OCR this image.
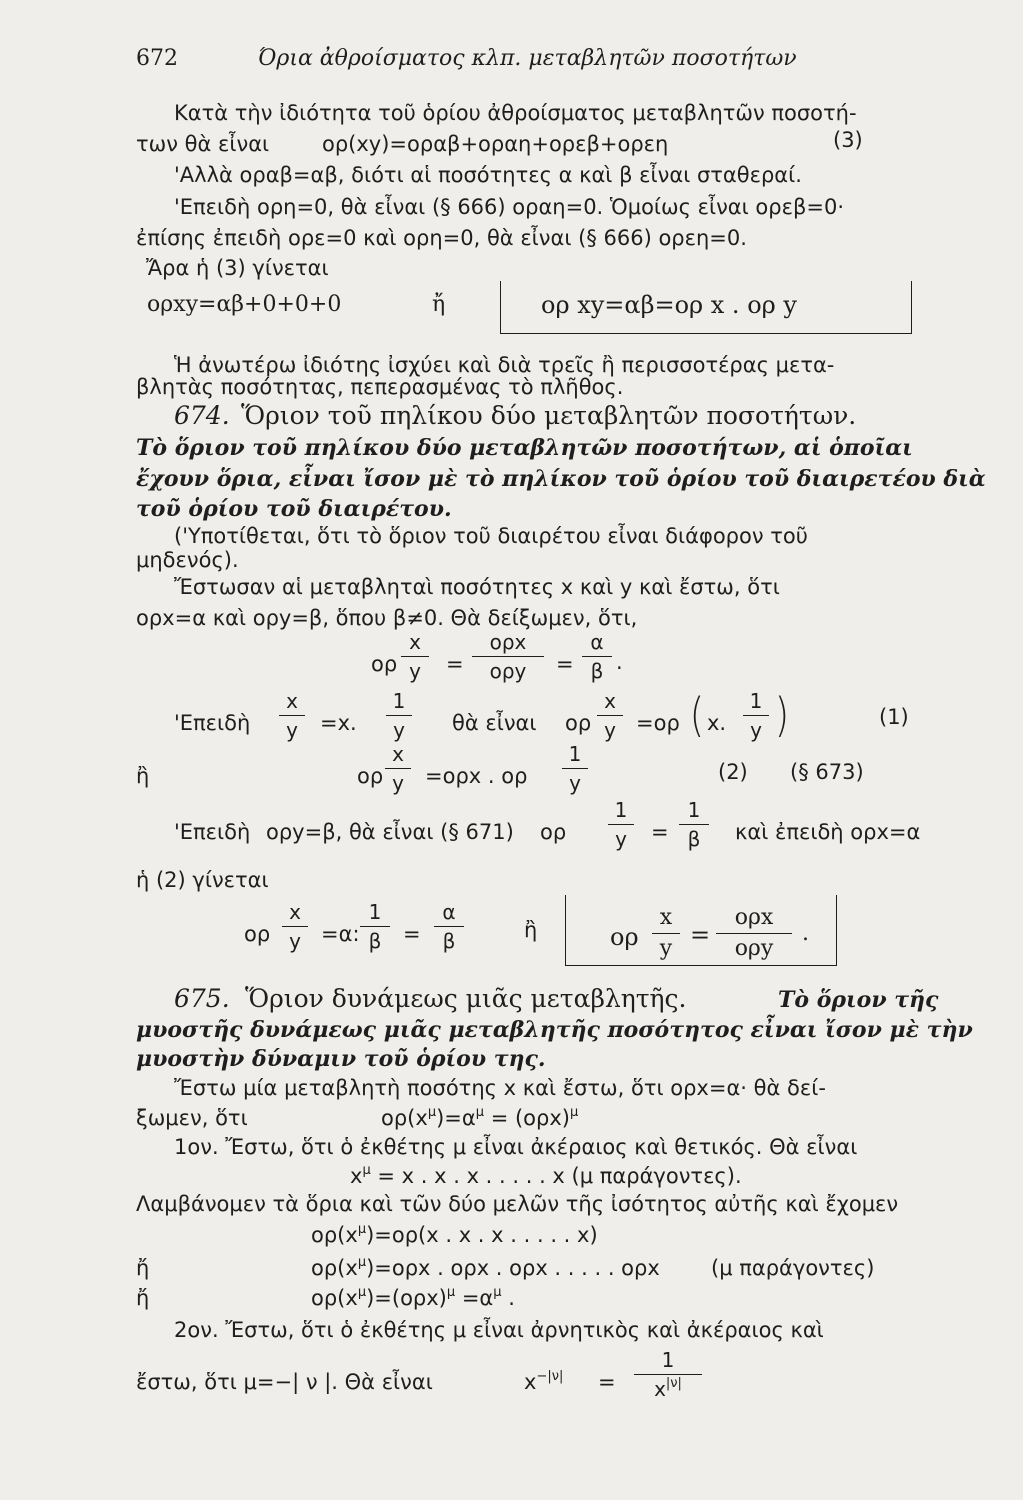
672	Όρια ἀθροίσματος κλπ. μεταβλητῶν ποσοτήτων
Κατὰ τὴν ἰδιότητα τοῦ ὁρίου ἀθροίσματος μεταβλητῶν ποσοτή-
των θὰ εἶναι	ορ(xy)=οραβ+οραη+ορεβ+ορεη	(3)
'Αλλὰ οραβ=αβ, διότι αἱ ποσότητες α καὶ β εἶναι σταθεραί.
'Επειδὴ ορη=0, θὰ εἶναι (§ 666) οραη=0. Ὁμοίως εἶναι ορεβ=0·
ἐπίσης ἐπειδὴ ορε=0 καὶ ορη=0, θὰ εἶναι (§ 666) ορεη=0.
Ἄρα ἡ (3) γίνεται
ορxy=αβ+0+0+0	ἤ	ορ xy=αβ=ορ x . ορ y
Ἡ ἀνωτέρω ἰδιότης ἰσχύει καὶ διὰ τρεῖς ἢ περισσοτέρας μετα-
βλητὰς ποσότητας, πεπερασμένας τὸ πλῆθος.
674. Ὅριον τοῦ πηλίκου δύο μεταβλητῶν ποσοτήτων.
Τὸ ὅριον τοῦ πηλίκου δύο μεταβλητῶν ποσοτήτων, αἱ ὁποῖαι
ἔχουν ὅρια, εἶναι ἴσον μὲ τὸ πηλίκον τοῦ ὁρίου τοῦ διαιρετέου διὰ
τοῦ ὁρίου τοῦ διαιρέτου.
('Υποτίθεται, ὅτι τὸ ὅριον τοῦ διαιρέτου εἶναι διάφορον τοῦ
μηδενός).
Ἔστωσαν αἱ μεταβληταὶ ποσότητες x καὶ y καὶ ἔστω, ὅτι
ορx=α καὶ ορy=β, ὅπου β≠0. Θὰ δείξωμεν, ὅτι,
ορ $\frac{x}{y}$ =
ορx
ορy	= $\frac{\alpha}{\beta}$ .
'Επειδὴ $\frac{x}{y} =x$. $\frac{1}{y}$ θὰ εἶναι ορ $\frac{x}{y} =o\rho$ ( x. $\frac{1}{y}$ )	(1)
ἢ	ορ $\frac{x}{y} =o\rho x$ . ορ $\frac{1}{y}$	(2) (§ 673)
'Επειδὴ ορy=β, θὰ εἶναι (§ 671) ορ $\frac{1}{y} = \frac{1}{\beta}$ καὶ ἐπειδὴ ορx=α
ἡ (2) γίνεται
ορ $\frac{x}{y} =\alpha$: $\frac{1}{\beta} = \frac{\alpha}{\beta}$	ἢ	ορ $\frac{x}{y}$ =
ορx
ορy
.
675. Ὅριον δυνάμεως μιᾶς μεταβλητῆς.	Τὸ ὅριον τῆς
μυοστῆς δυνάμεως μιᾶς μεταβλητῆς ποσότητος εἶναι ἴσον μὲ τὴν
μυοστὴν δύναμιν τοῦ ὁρίου της.
Ἔστω μία μεταβλητὴ ποσότης x καὶ ἔστω, ὅτι ορx=α· θὰ δεί-
ξωμεν, ὅτι	$o\rho(x^\mu)=\alpha^\mu = (o\rho x)^\mu$
1ον. Ἔστω, ὅτι ὁ ἐκθέτης μ εἶναι ἀκέραιος καὶ θετικός. Θὰ εἶναι
$x^\mu = x$ . x . x . . . . . x (μ παράγοντες).
Λαμβάνομεν τὰ ὅρια καὶ τῶν δύο μελῶν τῆς ἰσότητος αὐτῆς καὶ ἔχομεν
$o\rho(x^\mu)=o\rho(x$ . x . x . . . . . x)
ἤ	$o\rho(x^\mu)=o\rho x$ . ορx . ορx . . . . . ορx (μ παράγοντες)
ἤ	$o\rho(x^\mu)=(o\rho x)^\mu =\alpha^\mu$ .
2ον. Ἔστω, ὅτι ὁ ἐκθέτης μ εἶναι ἀρνητικὸς καὶ ἀκέραιος καὶ
ἔστω, ὅτι μ=−| ν |. Θὰ εἶναι	$x^{-|\nu|} = \frac{1}{x^{|\nu|}}$
